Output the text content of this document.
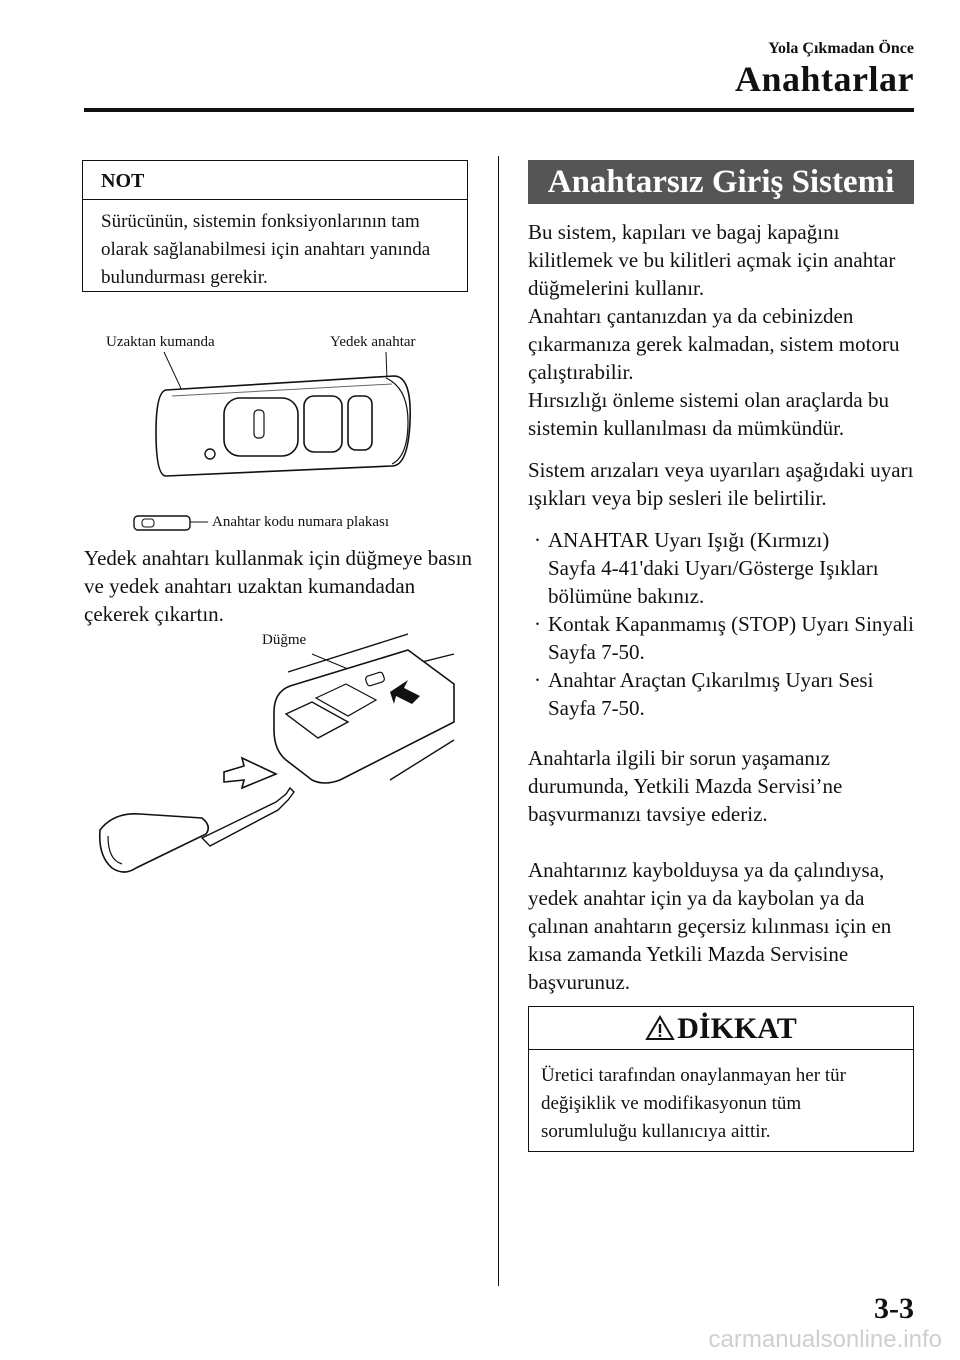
Yola Çıkmadan Önce
Anahtarlar
NOT
Sürücünün, sistemin fonksiyonlarının tam olarak sağlanabilmesi için anahtarı yanında bulundurması gerekir.
Uzaktan kumanda	Yedek anahtar
Anahtar kodu numara plakası
Yedek anahtarı kullanmak için düğmeye basın ve yedek anahtarı uzaktan kumandadan çekerek çıkartın.
Düğme
Anahtarsız Giriş Sistemi

Bu sistem, kapıları ve bagaj kapağını kilitlemek ve bu kilitleri açmak için anahtar düğmelerini kullanır.

Anahtarı çantanızdan ya da cebinizden çıkarmanıza gerek kalmadan, sistem motoru çalıştırabilir.

Hırsızlığı önleme sistemi olan araçlarda bu sistemin kullanılması da mümkündür.

Sistem arızaları veya uyarıları aşağıdaki uyarı ışıkları veya bip sesleri ile belirtilir.
· ANAHTAR Uyarı Işığı (Kırmızı)
Sayfa 4-41'daki Uyarı/Gösterge Işıkları bölümüne bakınız.
· Kontak Kapanmamış (STOP) Uyarı Sinyali
Sayfa 7-50.
· Anahtar Araçtan Çıkarılmış Uyarı Sesi
Sayfa 7-50.
Anahtarla ilgili bir sorun yaşamanız durumunda, Yetkili Mazda Servisi’ne başvurmanızı tavsiye ederiz.
Anahtarınız kaybolduysa ya da çalındıysa, yedek anahtar için ya da kaybolan ya da çalınan anahtarın geçersiz kılınması için en kısa zamanda Yetkili Mazda Servisine başvurunuz.
DİKKAT
Üretici tarafından onaylanmayan her tür değişiklik ve modifikasyonun tüm sorumluluğu kullanıcıya aittir.
3-3
carmanualsonline.info
